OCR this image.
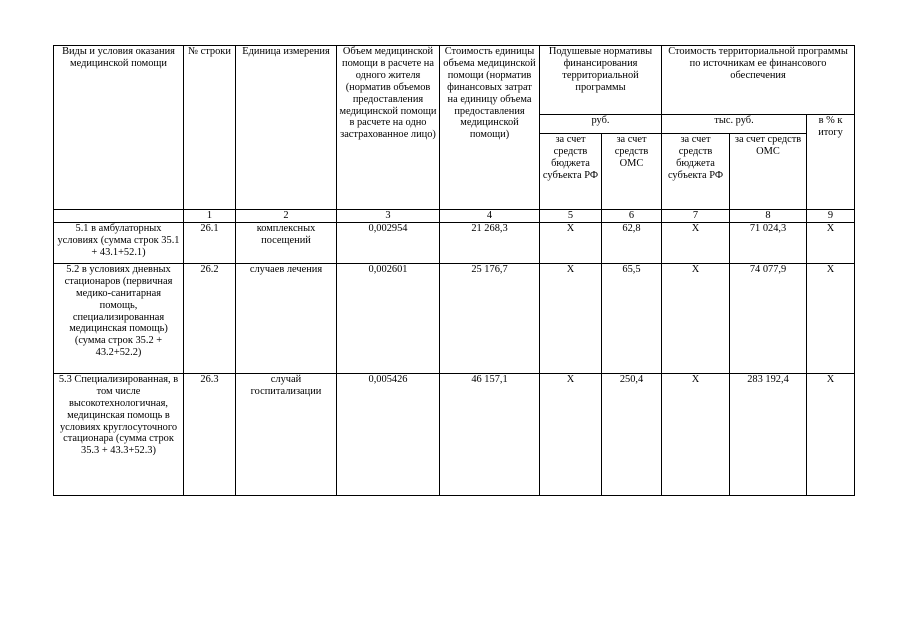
Виды и условия оказания медицинской помощи	№ строки	Единица измерения	Объем медицинской помощи в расчете на одного жителя (норматив объемов предоставления медицинской помощи в расчете на одно застрахованное лицо)	Стоимость единицы объема медицинской помощи (норматив финансовых затрат на единицу объема предоставления медицинской помощи)	Подушевые нормативы финансирования территориальной программы		Стоимость территориальной программы по источникам ее финансового обеспечения		
					руб.		тыс. руб.		в % к итогу
					за счет средств бюджета субъекта РФ	за счет средств ОМС	за счет средств бюджета субъекта РФ	за счет средств ОМС	
	1	2	3	4	5	6	7	8	9
5.1 в амбулаторных условиях (сумма строк 35.1 + 43.1+52.1)	26.1	комплексных посещений	0,002954	21 268,3	X	62,8	X	71 024,3	X
5.2 в условиях дневных стационаров (первичная медико-санитарная помощь, специализированная медицинская помощь) (сумма строк 35.2 + 43.2+52.2)	26.2	случаев лечения	0,002601	25 176,7	X	65,5	X	74 077,9	X
5.3 Специализированная, в том числе высокотехнологичная, медицинская помощь в условиях круглосуточного стационара (сумма строк 35.3 + 43.3+52.3)	26.3	случай госпитализации	0,005426	46 157,1	X	250,4	X	283 192,4	X
